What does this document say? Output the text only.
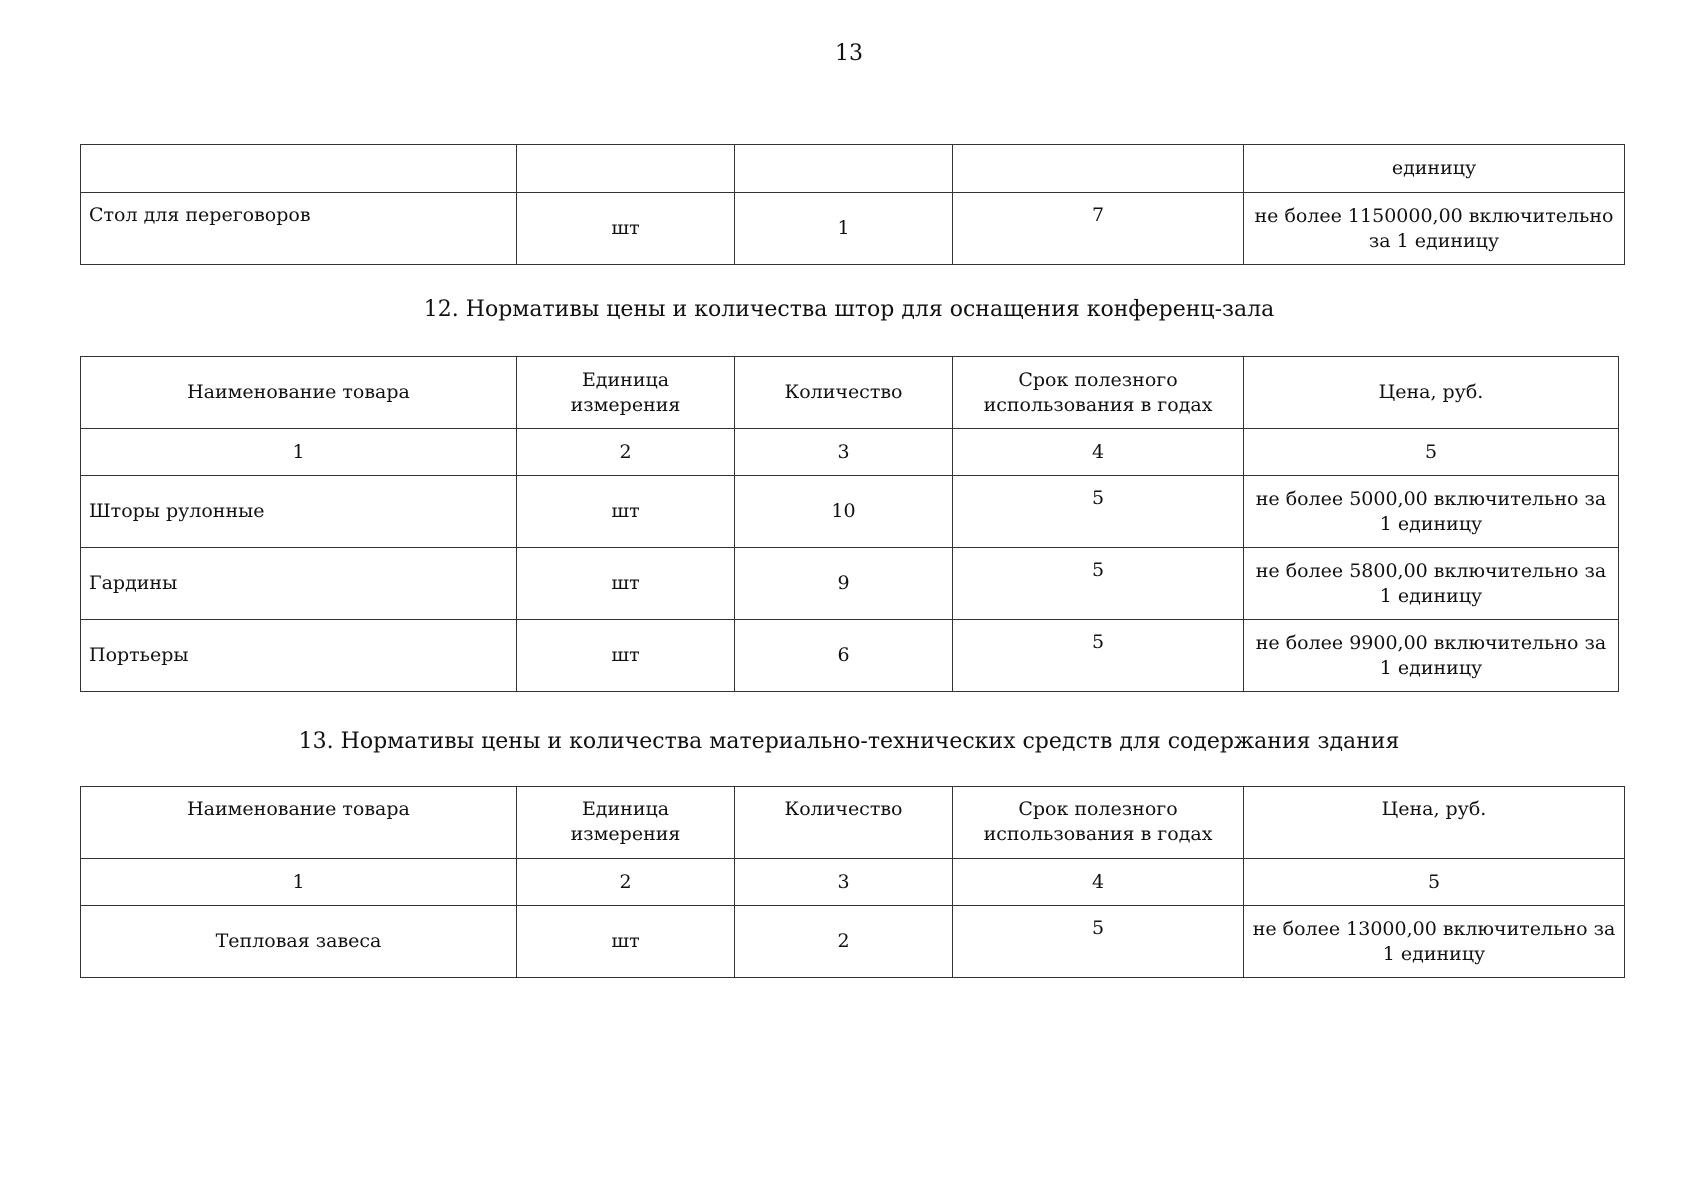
13
				единицу
Стол для переговоров	шт	1	7	не более 1150000,00 включительно за 1 единицу
12. Нормативы цены и количества штор для оснащения конференц-зала
Наименование товара	Единица измерения	Количество	Срок полезного использования в годах	Цена, руб.
1	2	3	4	5
Шторы рулонные	шт	10	5	не более 5000,00 включительно за 1 единицу
Гардины	шт	9	5	не более 5800,00 включительно за 1 единицу
Портьеры	шт	6	5	не более 9900,00 включительно за 1 единицу
13. Нормативы цены и количества материально-технических средств для содержания здания
Наименование товара	Единица измерения	Количество	Срок полезного использования в годах	Цена, руб.
1	2	3	4	5
Тепловая завеса	шт	2	5	не более 13000,00 включительно за 1 единицу
